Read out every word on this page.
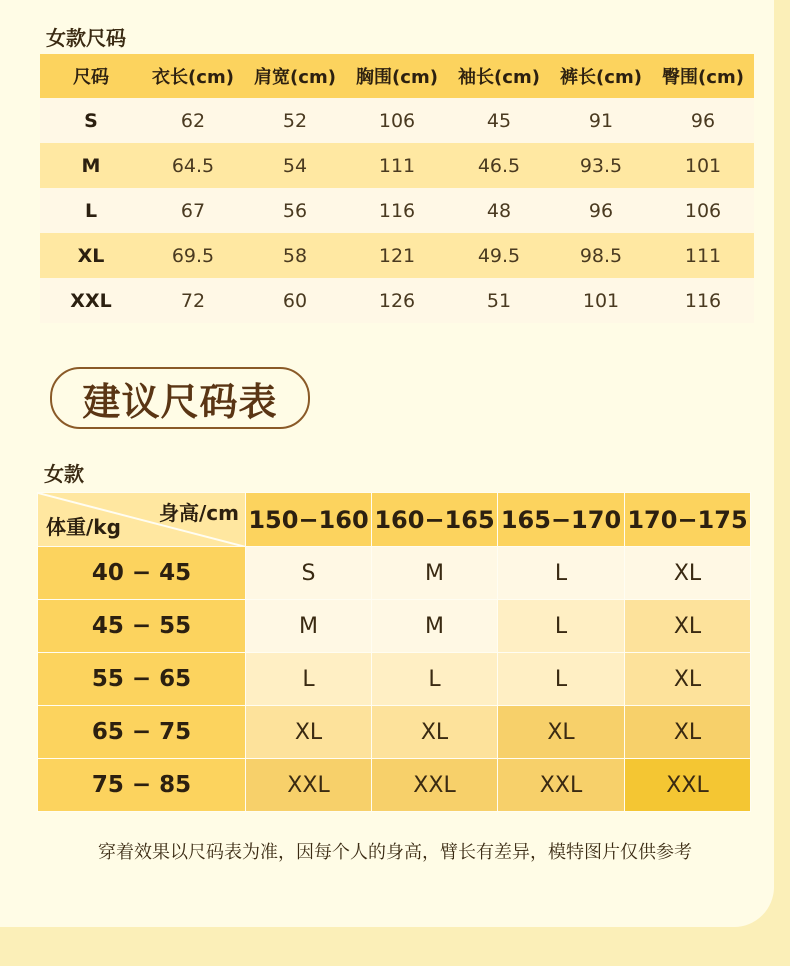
女款尺码
尺码	衣长(cm)	肩宽(cm)	胸围(cm)	袖长(cm)	裤长(cm)	臀围(cm)
S	62	52	106	45	91	96
M	64.5	54	111	46.5	93.5	101
L	67	56	116	48	96	106
XL	69.5	58	121	49.5	98.5	111
XXL	72	60	126	51	101	116
建议尺码表
女款
身高/cm
体重/kg	150−160	160−165	165−170	170−175
40 − 45	S	M	L	XL
45 − 55	M	M	L	XL
55 − 65	L	L	L	XL
65 − 75	XL	XL	XL	XL
75 − 85	XXL	XXL	XXL	XXL
穿着效果以尺码表为准，因每个人的身高，臂长有差异，模特图片仅供参考
